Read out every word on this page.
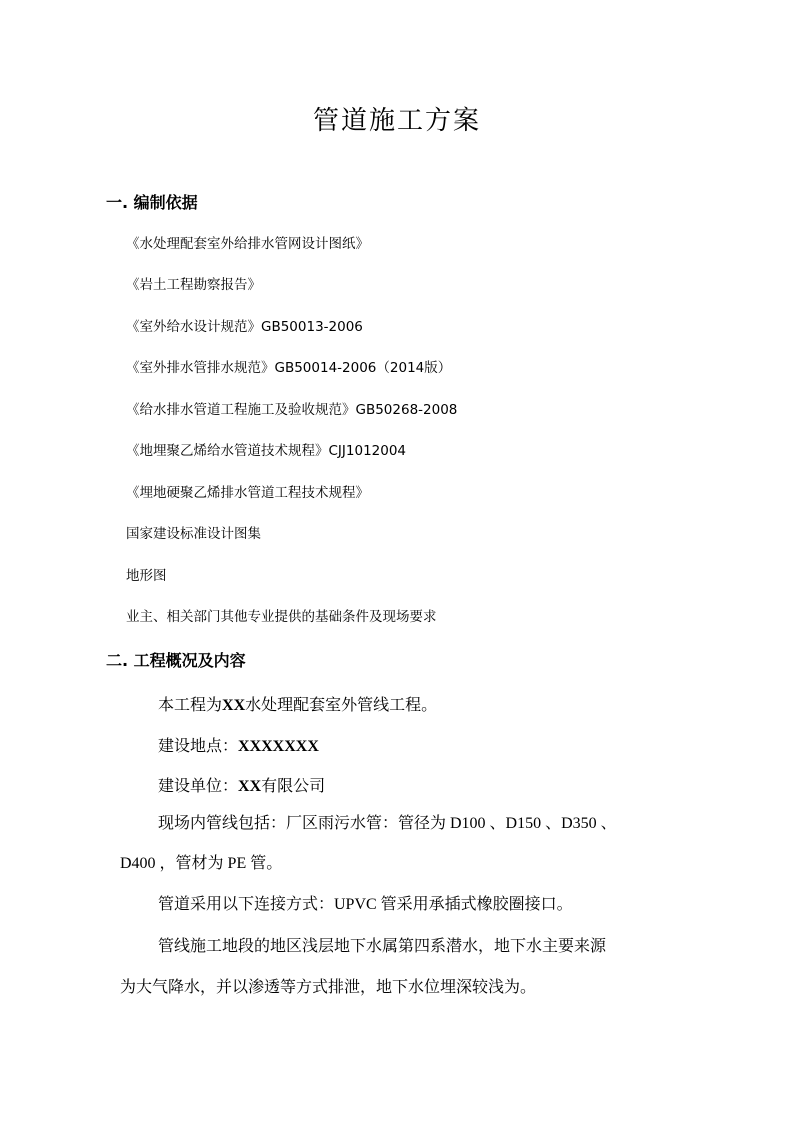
管道施工方案
一. 编制依据
《水处理配套室外给排水管网设计图纸》
《岩土工程勘察报告》
《室外给水设计规范》GB50013-2006
《室外排水管排水规范》GB50014-2006（2014版）
《给水排水管道工程施工及验收规范》GB50268-2008
《地埋聚乙烯给水管道技术规程》CJJ1012004
《埋地硬聚乙烯排水管道工程技术规程》
国家建设标准设计图集
地形图
业主、相关部门其他专业提供的基础条件及现场要求
二. 工程概况及内容
本工程为XX水处理配套室外管线工程。
建设地点：XXXXXXX
建设单位：XX有限公司
现场内管线包括：厂区雨污水管：管径为 D100 、D150 、D350 、
D400 ，管材为 PE 管。
管道采用以下连接方式：UPVC 管采用承插式橡胶圈接口。
管线施工地段的地区浅层地下水属第四系潜水，地下水主要来源
为大气降水，并以渗透等方式排泄，地下水位埋深较浅为。
